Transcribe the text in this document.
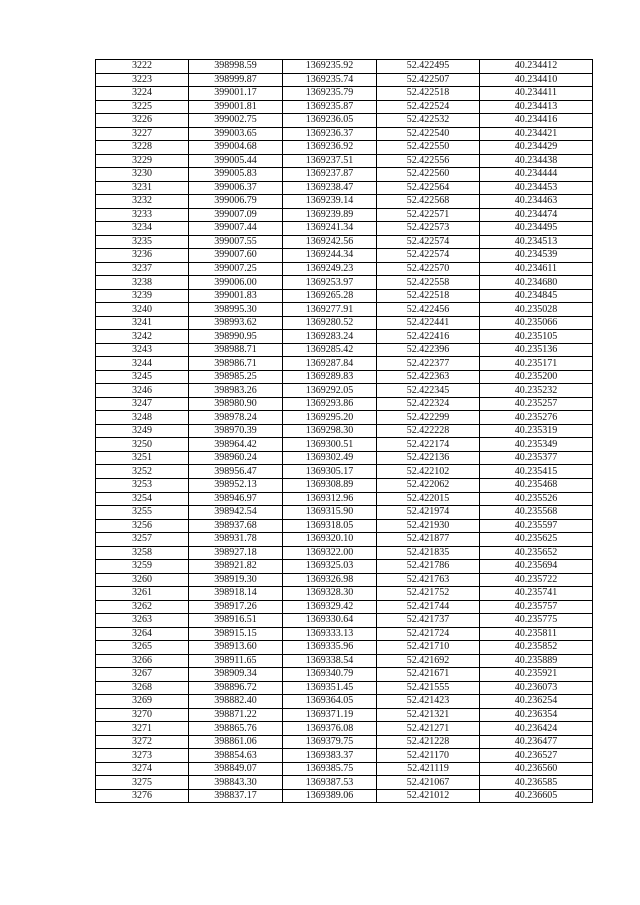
3222	398998.59	1369235.92	52.422495	40.234412
3223	398999.87	1369235.74	52.422507	40.234410
3224	399001.17	1369235.79	52.422518	40.234411
3225	399001.81	1369235.87	52.422524	40.234413
3226	399002.75	1369236.05	52.422532	40.234416
3227	399003.65	1369236.37	52.422540	40.234421
3228	399004.68	1369236.92	52.422550	40.234429
3229	399005.44	1369237.51	52.422556	40.234438
3230	399005.83	1369237.87	52.422560	40.234444
3231	399006.37	1369238.47	52.422564	40.234453
3232	399006.79	1369239.14	52.422568	40.234463
3233	399007.09	1369239.89	52.422571	40.234474
3234	399007.44	1369241.34	52.422573	40.234495
3235	399007.55	1369242.56	52.422574	40.234513
3236	399007.60	1369244.34	52.422574	40.234539
3237	399007.25	1369249.23	52.422570	40.234611
3238	399006.00	1369253.97	52.422558	40.234680
3239	399001.83	1369265.28	52.422518	40.234845
3240	398995.30	1369277.91	52.422456	40.235028
3241	398993.62	1369280.52	52.422441	40.235066
3242	398990.95	1369283.24	52.422416	40.235105
3243	398988.71	1369285.42	52.422396	40.235136
3244	398986.71	1369287.84	52.422377	40.235171
3245	398985.25	1369289.83	52.422363	40.235200
3246	398983.26	1369292.05	52.422345	40.235232
3247	398980.90	1369293.86	52.422324	40.235257
3248	398978.24	1369295.20	52.422299	40.235276
3249	398970.39	1369298.30	52.422228	40.235319
3250	398964.42	1369300.51	52.422174	40.235349
3251	398960.24	1369302.49	52.422136	40.235377
3252	398956.47	1369305.17	52.422102	40.235415
3253	398952.13	1369308.89	52.422062	40.235468
3254	398946.97	1369312.96	52.422015	40.235526
3255	398942.54	1369315.90	52.421974	40.235568
3256	398937.68	1369318.05	52.421930	40.235597
3257	398931.78	1369320.10	52.421877	40.235625
3258	398927.18	1369322.00	52.421835	40.235652
3259	398921.82	1369325.03	52.421786	40.235694
3260	398919.30	1369326.98	52.421763	40.235722
3261	398918.14	1369328.30	52.421752	40.235741
3262	398917.26	1369329.42	52.421744	40.235757
3263	398916.51	1369330.64	52.421737	40.235775
3264	398915.15	1369333.13	52.421724	40.235811
3265	398913.60	1369335.96	52.421710	40.235852
3266	398911.65	1369338.54	52.421692	40.235889
3267	398909.34	1369340.79	52.421671	40.235921
3268	398896.72	1369351.45	52.421555	40.236073
3269	398882.40	1369364.05	52.421423	40.236254
3270	398871.22	1369371.19	52.421321	40.236354
3271	398865.76	1369376.08	52.421271	40.236424
3272	398861.06	1369379.75	52.421228	40.236477
3273	398854.63	1369383.37	52.421170	40.236527
3274	398849.07	1369385.75	52.421119	40.236560
3275	398843.30	1369387.53	52.421067	40.236585
3276	398837.17	1369389.06	52.421012	40.236605
